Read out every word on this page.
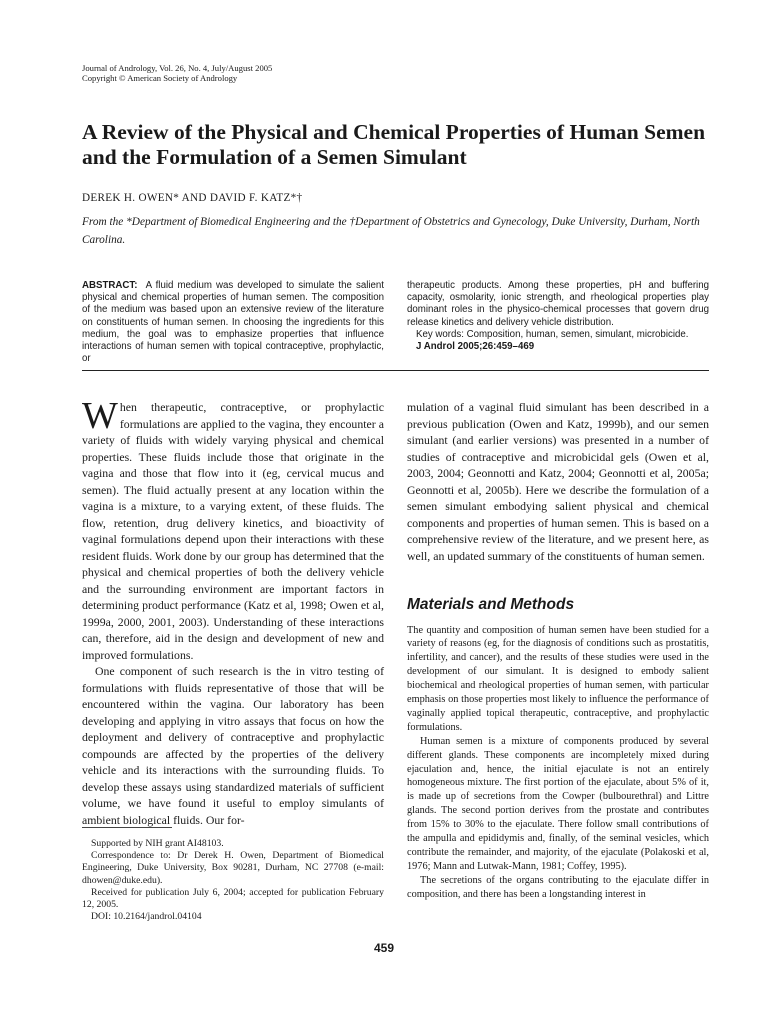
Journal of Andrology, Vol. 26, No. 4, July/August 2005
Copyright © American Society of Andrology
A Review of the Physical and Chemical Properties of Human Semen and the Formulation of a Semen Simulant
DEREK H. OWEN* AND DAVID F. KATZ*†
From the *Department of Biomedical Engineering and the †Department of Obstetrics and Gynecology, Duke University, Durham, North Carolina.

ABSTRACT: A fluid medium was developed to simulate the salient physical and chemical properties of human semen. The composition of the medium was based upon an extensive review of the literature on constituents of human semen. In choosing the ingredients for this medium, the goal was to emphasize properties that influence interactions of human semen with topical contraceptive, prophylactic, or

therapeutic products. Among these properties, pH and buffering capacity, osmolarity, ionic strength, and rheological properties play dominant roles in the physico-chemical processes that govern drug release kinetics and delivery vehicle distribution.

Key words: Composition, human, semen, simulant, microbicide.

J Androl 2005;26:459–469

When therapeutic, contraceptive, or prophylactic formulations are applied to the vagina, they encounter a variety of fluids with widely varying physical and chemical properties. These fluids include those that originate in the vagina and those that flow into it (eg, cervical mucus and semen). The fluid actually present at any location within the vagina is a mixture, to a varying extent, of these fluids. The flow, retention, drug delivery kinetics, and bioactivity of vaginal formulations depend upon their interactions with these resident fluids. Work done by our group has determined that the physical and chemical properties of both the delivery vehicle and the surrounding environment are important factors in determining product performance (Katz et al, 1998; Owen et al, 1999a, 2000, 2001, 2003). Understanding of these interactions can, therefore, aid in the design and development of new and improved formulations.

One component of such research is the in vitro testing of formulations with fluids representative of those that will be encountered within the vagina. Our laboratory has been developing and applying in vitro assays that focus on how the deployment and delivery of contraceptive and prophylactic compounds are affected by the properties of the delivery vehicle and its interactions with the surrounding fluids. To develop these assays using standardized materials of sufficient volume, we have found it useful to employ simulants of ambient biological fluids. Our for-

mulation of a vaginal fluid simulant has been described in a previous publication (Owen and Katz, 1999b), and our semen simulant (and earlier versions) was presented in a number of studies of contraceptive and microbicidal gels (Owen et al, 2003, 2004; Geonnotti and Katz, 2004; Geonnotti et al, 2005a; Geonnotti et al, 2005b). Here we describe the formulation of a semen simulant embodying salient physical and chemical components and properties of human semen. This is based on a comprehensive review of the literature, and we present here, as well, an updated summary of the constituents of human semen.

Materials and Methods

The quantity and composition of human semen have been studied for a variety of reasons (eg, for the diagnosis of conditions such as prostatitis, infertility, and cancer), and the results of these studies were used in the development of our simulant. It is designed to embody salient biochemical and rheological properties of human semen, with particular emphasis on those properties most likely to influence the performance of vaginally applied topical therapeutic, contraceptive, and prophylactic formulations.

Human semen is a mixture of components produced by several different glands. These components are incompletely mixed during ejaculation and, hence, the initial ejaculate is not an entirely homogeneous mixture. The first portion of the ejaculate, about 5% of it, is made up of secretions from the Cowper (bulbourethral) and Littre glands. The second portion derives from the prostate and contributes from 15% to 30% to the ejaculate. There follow small contributions of the ampulla and epididymis and, finally, of the seminal vesicles, which contribute the remainder, and majority, of the ejaculate (Polakoski et al, 1976; Mann and Lutwak-Mann, 1981; Coffey, 1995).

The secretions of the organs contributing to the ejaculate differ in composition, and there has been a longstanding interest in

Supported by NIH grant AI48103.

Correspondence to: Dr Derek H. Owen, Department of Biomedical Engineering, Duke University, Box 90281, Durham, NC 27708 (e-mail: dhowen@duke.edu).

Received for publication July 6, 2004; accepted for publication February 12, 2005.

DOI: 10.2164/jandrol.04104

459
